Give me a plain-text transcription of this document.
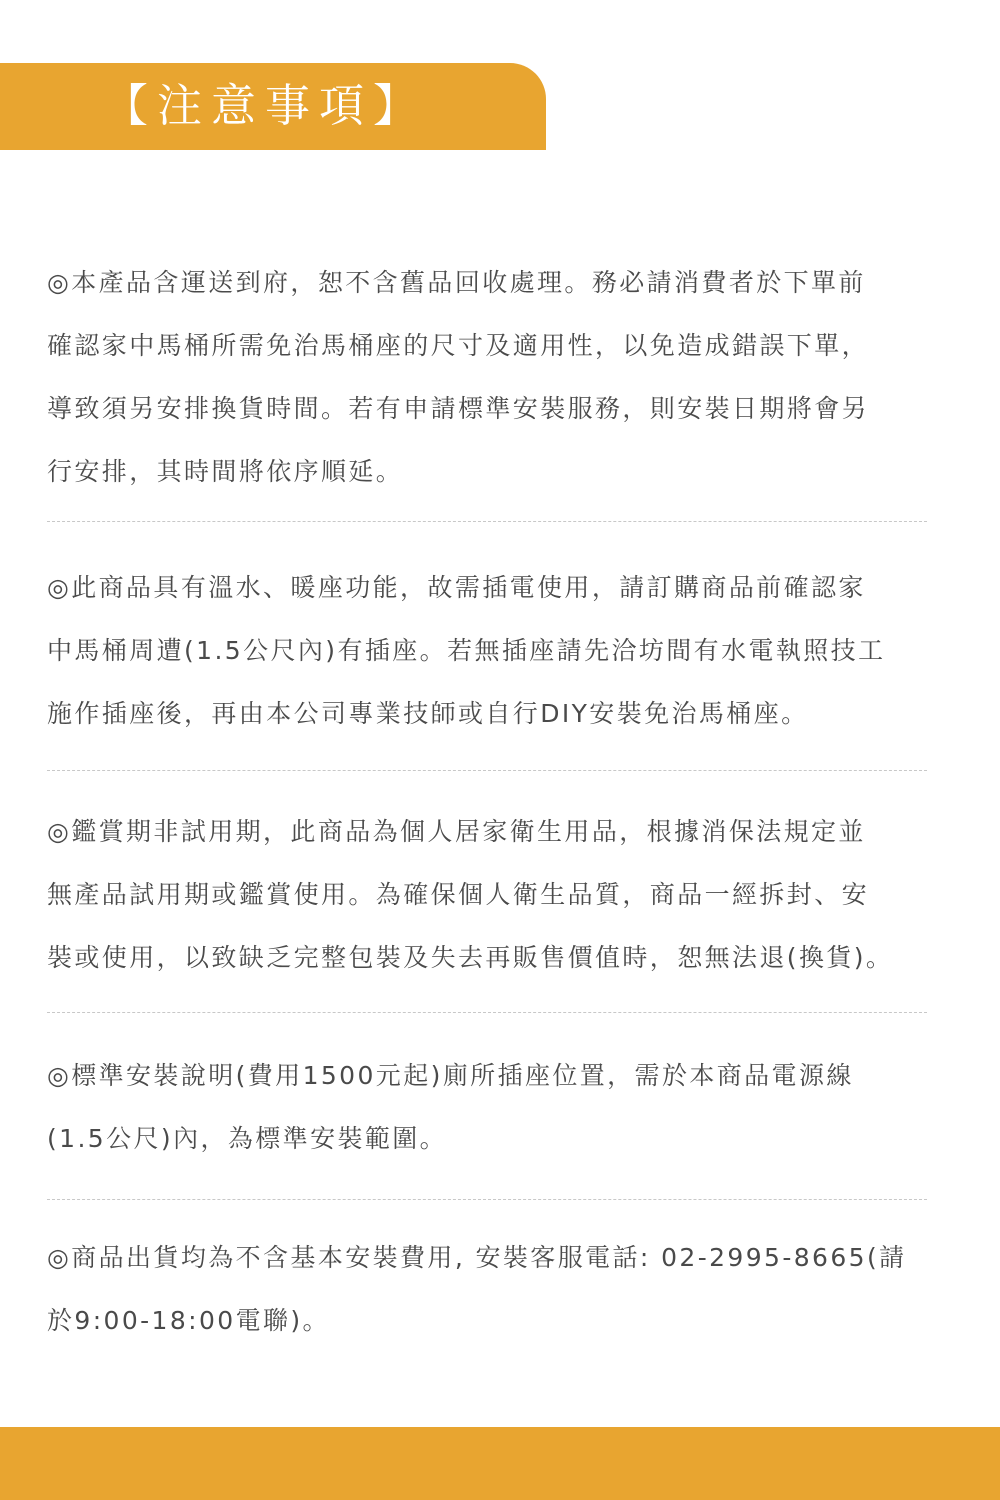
【注意事項】
◎本產品含運送到府，恕不含舊品回收處理。務必請消費者於下單前
確認家中馬桶所需免治馬桶座的尺寸及適用性，以免造成錯誤下單，
導致須另安排換貨時間。若有申請標準安裝服務，則安裝日期將會另
行安排，其時間將依序順延。
◎此商品具有溫水、暖座功能，故需插電使用，請訂購商品前確認家
中馬桶周遭(1.5公尺內)有插座。若無插座請先洽坊間有水電執照技工
施作插座後，再由本公司專業技師或自行DIY安裝免治馬桶座。
◎鑑賞期非試用期，此商品為個人居家衛生用品，根據消保法規定並
無產品試用期或鑑賞使用。為確保個人衛生品質，商品一經拆封、安
裝或使用，以致缺乏完整包裝及失去再販售價值時，恕無法退(換貨)。
◎標準安裝說明(費用1500元起)廁所插座位置，需於本商品電源線
(1.5公尺)內，為標準安裝範圍。
◎商品出貨均為不含基本安裝費用, 安裝客服電話: 02-2995-8665(請
於9:00-18:00電聯)。
